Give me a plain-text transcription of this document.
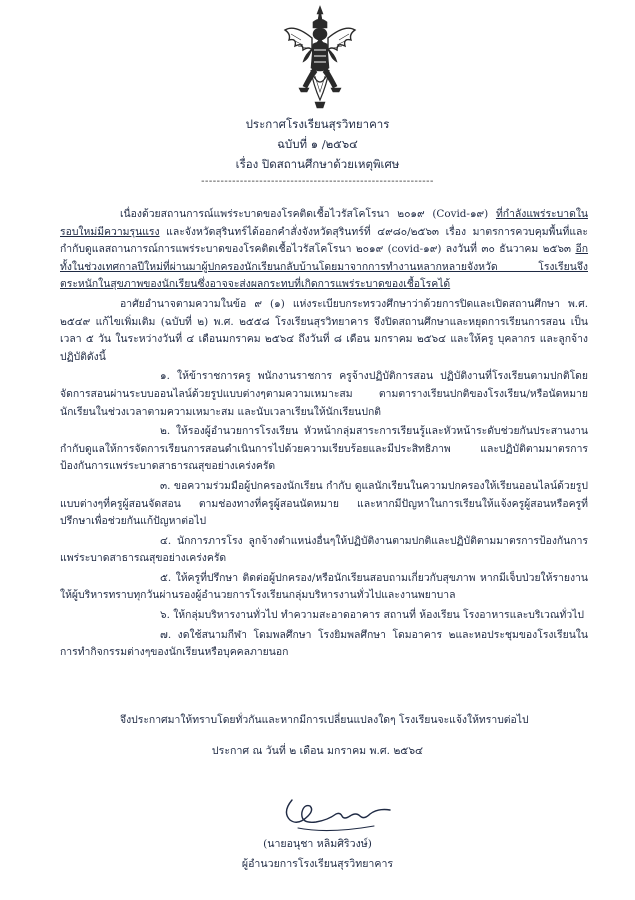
ประกาศโรงเรียนสุรวิทยาคาร
ฉบับที่ ๑ /๒๕๖๔
เรื่อง ปิดสถานศึกษาด้วยเหตุพิเศษ
------------------------------------------------------------

เนื่องด้วยสถานการณ์แพร่ระบาดของโรคติดเชื้อไวรัสโคโรนา ๒๐๑๙ (Covid-๑๙) ที่กำลังแพร่ระบาดในรอบใหม่มีความรุนแรง และจังหวัดสุรินทร์ได้ออกคำสั่งจังหวัดสุรินทร์ที่ ๔๙๘๐/๒๕๖๓ เรื่อง มาตรการควบคุมพื้นที่และกำกับดูแลสถานการณ์การแพร่ระบาดของโรคติดเชื้อไวรัสโคโรนา ๒๐๑๙ (covid-๑๙) ลงวันที่ ๓๐ ธันวาคม ๒๕๖๓ อีกทั้งในช่วงเทศกาลปีใหม่ที่ผ่านมาผู้ปกครองนักเรียนกลับบ้านโดยมาจากการทำงานหลากหลายจังหวัด โรงเรียนจึงตระหนักในสุขภาพของนักเรียนซึ่งอาจจะส่งผลกระทบที่เกิดการแพร่ระบาดของเชื้อโรคได้

อาศัยอำนาจตามความในข้อ ๙ (๑) แห่งระเบียบกระทรวงศึกษาว่าด้วยการปิดและเปิดสถานศึกษา พ.ศ. ๒๕๔๙ แก้ไขเพิ่มเติม (ฉบับที่ ๒) พ.ศ. ๒๕๕๘ โรงเรียนสุรวิทยาคาร จึงปิดสถานศึกษาและหยุดการเรียนการสอน เป็นเวลา ๕ วัน ในระหว่างวันที่ ๔ เดือนมกราคม ๒๕๖๔ ถึงวันที่ ๘ เดือน มกราคม ๒๕๖๔ และให้ครู บุคลากร และลูกจ้าง ปฏิบัติดังนี้

๑. ให้ข้าราชการครู พนักงานราชการ ครูจ้างปฏิบัติการสอน ปฏิบัติงานที่โรงเรียนตามปกติโดยจัดการสอนผ่านระบบออนไลน์ด้วยรูปแบบต่างๆตามความเหมาะสม ตามตารางเรียนปกติของโรงเรียน/หรือนัดหมายนักเรียนในช่วงเวลาตามความเหมาะสม และนับเวลาเรียนให้นักเรียนปกติ

๒. ให้รองผู้อำนวยการโรงเรียน หัวหน้ากลุ่มสาระการเรียนรู้และหัวหน้าระดับช่วยกันประสานงาน กำกับดูแลให้การจัดการเรียนการสอนดำเนินการไปด้วยความเรียบร้อยและมีประสิทธิภาพ และปฏิบัติตามมาตรการป้องกันการแพร่ระบาดสาธารณสุขอย่างเคร่งครัด

๓. ขอความร่วมมือผู้ปกครองนักเรียน กำกับ ดูแลนักเรียนในความปกครองให้เรียนออนไลน์ด้วยรูปแบบต่างๆที่ครูผู้สอนจัดสอน ตามช่องทางที่ครูผู้สอนนัดหมาย และหากมีปัญหาในการเรียนให้แจ้งครูผู้สอนหรือครูที่ปรึกษาเพื่อช่วยกันแก้ปัญหาต่อไป

๔. นักการภารโรง ลูกจ้างตำแหน่งอื่นๆให้ปฏิบัติงานตามปกติและปฏิบัติตามมาตรการป้องกันการแพร่ระบาดสาธารณสุขอย่างเคร่งครัด

๕. ให้ครูที่ปรึกษา ติดต่อผู้ปกครอง/หรือนักเรียนสอบถามเกี่ยวกับสุขภาพ หากมีเจ็บป่วยให้รายงานให้ผู้บริหารทราบทุกวันผ่านรองผู้อำนวยการโรงเรียนกลุ่มบริหารงานทั่วไปและงานพยาบาล

๖. ให้กลุ่มบริหารงานทั่วไป ทำความสะอาดอาคาร สถานที่ ห้องเรียน โรงอาหารและบริเวณทั่วไป

๗. งดใช้สนามกีฬา โดมพลศึกษา โรงยิมพลศึกษา โดมอาคาร ๒และหอประชุมของโรงเรียนในการทำกิจกรรมต่างๆของนักเรียนหรือบุคคลภายนอก

จึงประกาศมาให้ทราบโดยทั่วกันและหากมีการเปลี่ยนแปลงใดๆ โรงเรียนจะแจ้งให้ทราบต่อไป
ประกาศ ณ วันที่ ๒ เดือน มกราคม พ.ศ. ๒๕๖๔
(นายอนุชา หลิมศิริวงษ์)
ผู้อำนวยการโรงเรียนสุรวิทยาคาร
